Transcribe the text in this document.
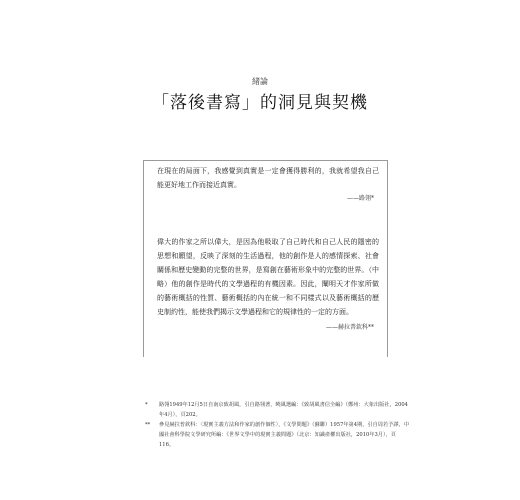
緒論
「落後書寫」的洞見與契機
在現在的局面下，我感覺到真實是一定會獲得勝利的，我就希望我自己能更好地工作而接近真實。
——路翎*
偉大的作家之所以偉大，是因為他吸取了自己時代和自己人民的隱密的思想和願望，反映了深刻的生活過程，他的創作是人的感情探索、社會關係和歷史變動的完整的世界，是寫創在藝術形象中的完整的世界。（中略）他的創作是時代的文學過程的有機因素。因此，闡明天才作家所做的藝術概括的性質、藝術概括的內在統一和不同樣式以及藝術概括的歷史制約性，能使我們揭示文學過程和它的規律性的一定的方面。
——赫拉普欽科**
*	路翎1949年12月5日自南京致胡風，引自路翎著，曉風選編：《致胡風書信全編》（鄭州：大象出版社，2004年4月），頁202。
**	參見赫拉普欽科：〈現實主義方法和作家的創作個性〉，《文學問題》（蘇聯）1957年第4期，引自周若予譯，中國社會科學院文學研究所編：《世界文學中的現實主義問題》（北京：知識產權出版社，2010年3月），頁116。
